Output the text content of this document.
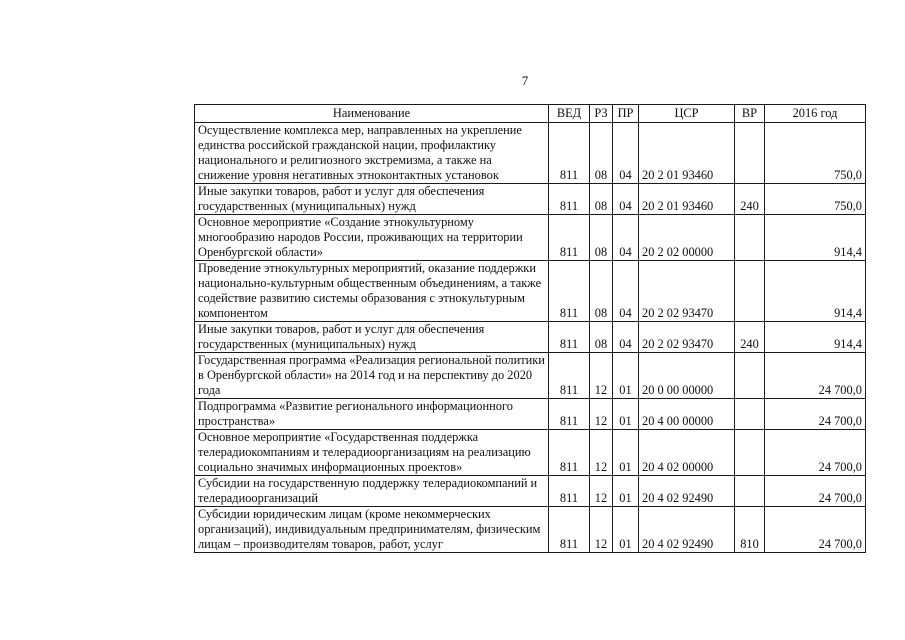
7
Наименование	ВЕД	РЗ	ПР	ЦСР	ВР	2016 год
Осуществление комплекса мер, направленных на укрепление единства российской гражданской нации, профилактику национального и религиозного экстремизма, а также на снижение уровня негативных этноконтактных установок	811	08	04	20 2 01 93460		750,0
Иные закупки товаров, работ и услуг для обеспечения государственных (муниципальных) нужд	811	08	04	20 2 01 93460	240	750,0
Основное мероприятие «Создание этнокультурному многообразию народов России, проживающих на территории Оренбургской области»	811	08	04	20 2 02 00000		914,4
Проведение этнокультурных мероприятий, оказание поддержки национально-культурным общественным объединениям, а также содействие развитию системы образования с этнокультурным компонентом	811	08	04	20 2 02 93470		914,4
Иные закупки товаров, работ и услуг для обеспечения государственных (муниципальных) нужд	811	08	04	20 2 02 93470	240	914,4
Государственная программа «Реализация региональной политики в Оренбургской области» на 2014 год и на перспективу до 2020 года	811	12	01	20 0 00 00000		24 700,0
Подпрограмма «Развитие регионального информационного пространства»	811	12	01	20 4 00 00000		24 700,0
Основное мероприятие «Государственная поддержка телерадиокомпаниям и телерадиоорганизациям на реализацию социально значимых информационных проектов»	811	12	01	20 4 02 00000		24 700,0
Субсидии на государственную поддержку телерадиокомпаний и телерадиоорганизаций	811	12	01	20 4 02 92490		24 700,0
Субсидии юридическим лицам (кроме некоммерческих организаций), индивидуальным предпринимателям, физическим лицам – производителям товаров, работ, услуг	811	12	01	20 4 02 92490	810	24 700,0
